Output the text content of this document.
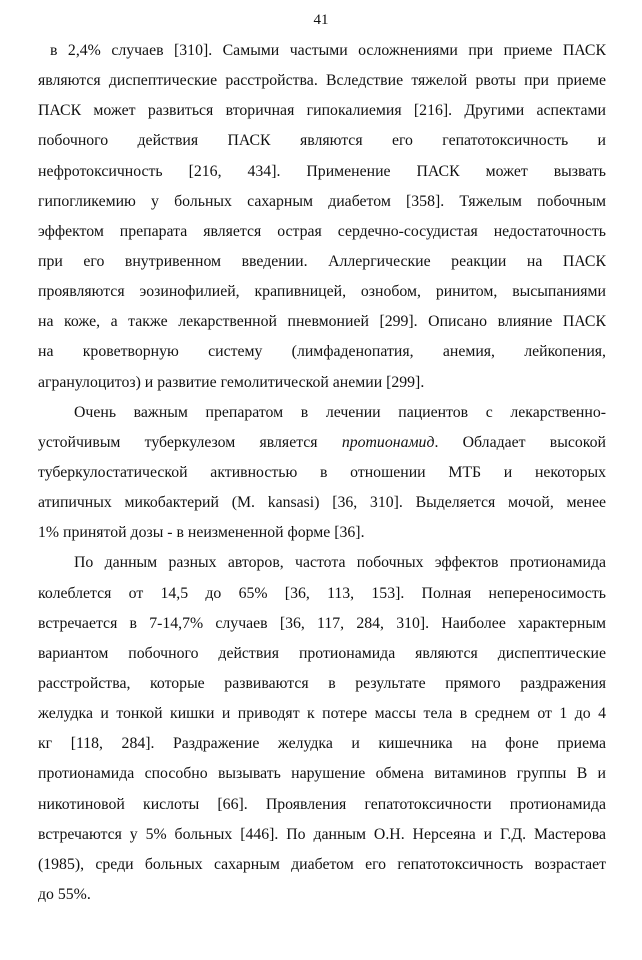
41
в 2,4% случаев [310]. Самыми частыми осложнениями при приеме ПАСК
являются диспептические расстройства. Вследствие тяжелой рвоты при приеме
ПАСК может развиться вторичная гипокалиемия [216]. Другими аспектами
побочного действия ПАСК являются его гепатотоксичность и
нефротоксичность [216, 434]. Применение ПАСК может вызвать
гипогликемию у больных сахарным диабетом [358]. Тяжелым побочным
эффектом препарата является острая сердечно-сосудистая недостаточность
при его внутривенном введении. Аллергические реакции на ПАСК
проявляются эозинофилией, крапивницей, ознобом, ринитом, высыпаниями
на коже, а также лекарственной пневмонией [299]. Описано влияние ПАСК
на кроветворную систему (лимфаденопатия, анемия, лейкопения,
агранулоцитоз) и развитие гемолитической анемии [299].
Очень важным препаратом в лечении пациентов с лекарственно-
устойчивым туберкулезом является протионамид. Обладает высокой
туберкулостатической активностью в отношении МТБ и некоторых
атипичных микобактерий (M. kansasi) [36, 310]. Выделяется мочой, менее
1% принятой дозы - в неизмененной форме [36].
По данным разных авторов, частота побочных эффектов протионамида
колеблется от 14,5 до 65% [36, 113, 153]. Полная непереносимость
встречается в 7-14,7% случаев [36, 117, 284, 310]. Наиболее характерным
вариантом побочного действия протионамида являются диспептические
расстройства, которые развиваются в результате прямого раздражения
желудка и тонкой кишки и приводят к потере массы тела в среднем от 1 до 4
кг [118, 284]. Раздражение желудка и кишечника на фоне приема
протионамида способно вызывать нарушение обмена витаминов группы В и
никотиновой кислоты [66]. Проявления гепатотоксичности протионамида
встречаются у 5% больных [446]. По данным О.Н. Нерсеяна и Г.Д. Мастерова
(1985), среди больных сахарным диабетом его гепатотоксичность возрастает
до 55%.
